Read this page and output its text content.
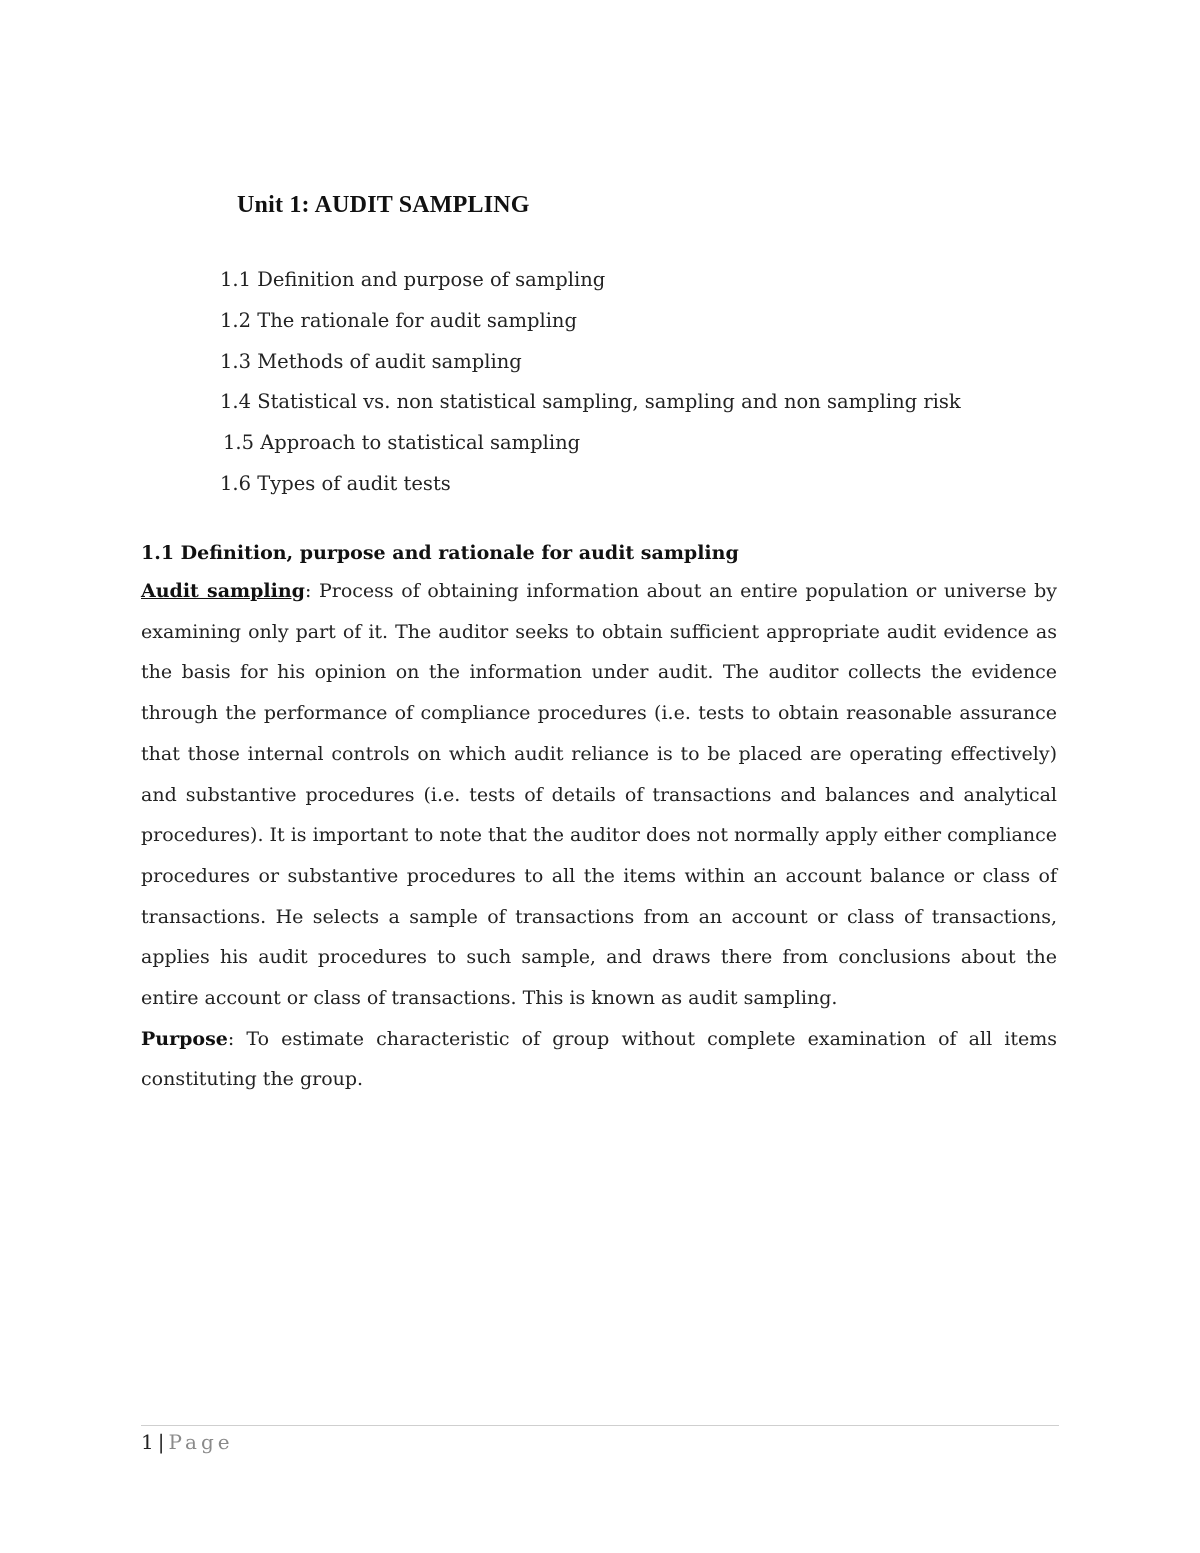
Unit 1: AUDIT SAMPLING
1.1 Definition and purpose of sampling
1.2 The rationale for audit sampling
1.3 Methods of audit sampling
1.4 Statistical vs. non statistical sampling, sampling and non sampling risk
1.5 Approach to statistical sampling
1.6 Types of audit tests

1.1 Definition, purpose and rationale for audit sampling

Audit sampling: Process of obtaining information about an entire population or universe by examining only part of it. The auditor seeks to obtain sufficient appropriate audit evidence as the basis for his opinion on the information under audit. The auditor collects the evidence through the performance of compliance procedures (i.e. tests to obtain reasonable assurance that those internal controls on which audit reliance is to be placed are operating effectively) and substantive procedures (i.e. tests of details of transactions and balances and analytical procedures). It is important to note that the auditor does not normally apply either compliance procedures or substantive procedures to all the items within an account balance or class of transactions. He selects a sample of transactions from an account or class of transactions, applies his audit procedures to such sample, and draws there from conclusions about the entire account or class of transactions. This is known as audit sampling.

Purpose: To estimate characteristic of group without complete examination of all items constituting the group.

1 | Page
